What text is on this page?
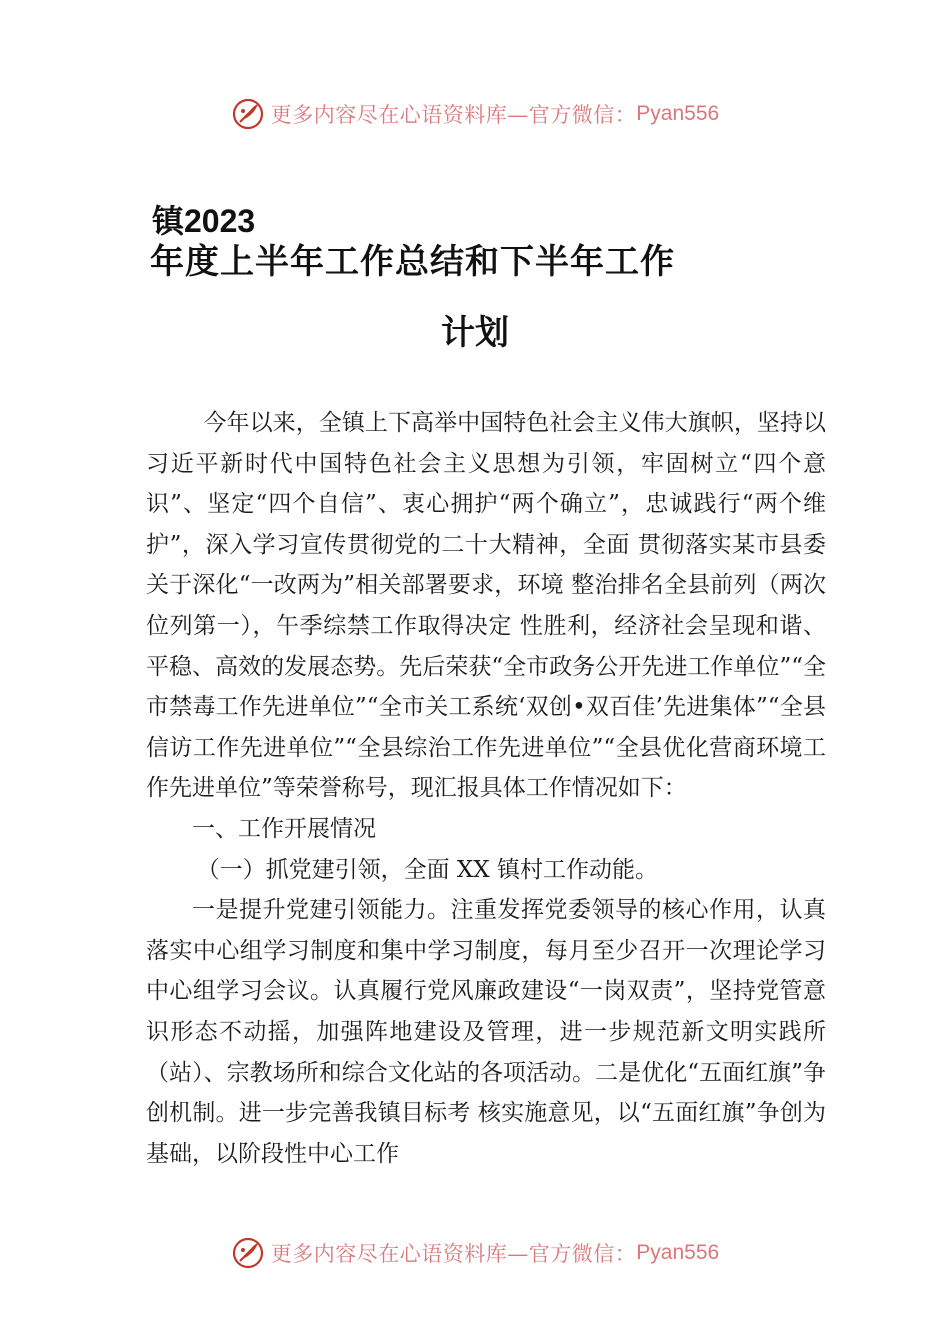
更多内容尽在心语资料库—官方微信： Pyan556
镇2023
年度上半年工作总结和下半年工作
计划

今年以来，全镇上下高举中国特色社会主义伟大旗帜，坚持以习近平新时代中国特色社会主义思想为引领，牢固树立“四个意识”、坚定“四个自信”、衷心拥护“两个确立”，忠诚践行“两个维护”，深入学习宣传贯彻党的二十大精神，全面 贯彻落实某市县委关于深化“一改两为”相关部署要求，环境 整治排名全县前列（两次位列第一），午季综禁工作取得决定 性胜利，经济社会呈现和谐、平稳、高效的发展态势。先后荣获“全市政务公开先进工作单位”“全市禁毒工作先进单位”“全市关工系统‘双创•双百佳’先进集体”“全县信访工作先进单位”“全县综治工作先进单位”“全县优化营商环境工 作先进单位”等荣誉称号，现汇报具体工作情况如下：

一、工作开展情况

（一）抓党建引领，全面 XX 镇村工作动能。

一是提升党建引领能力。注重发挥党委领导的核心作用，认真落实中心组学习制度和集中学习制度，每月至少召开一次理论学习中心组学习会议。认真履行党风廉政建设“一岗双责”，坚持党管意识形态不动摇，加强阵地建设及管理，进一步规范新文明实践所（站）、宗教场所和综合文化站的各项活动。二是优化“五面红旗”争创机制。进一步完善我镇目标考 核实施意见，以“五面红旗”争创为基础，以阶段性中心工作

更多内容尽在心语资料库—官方微信： Pyan556
